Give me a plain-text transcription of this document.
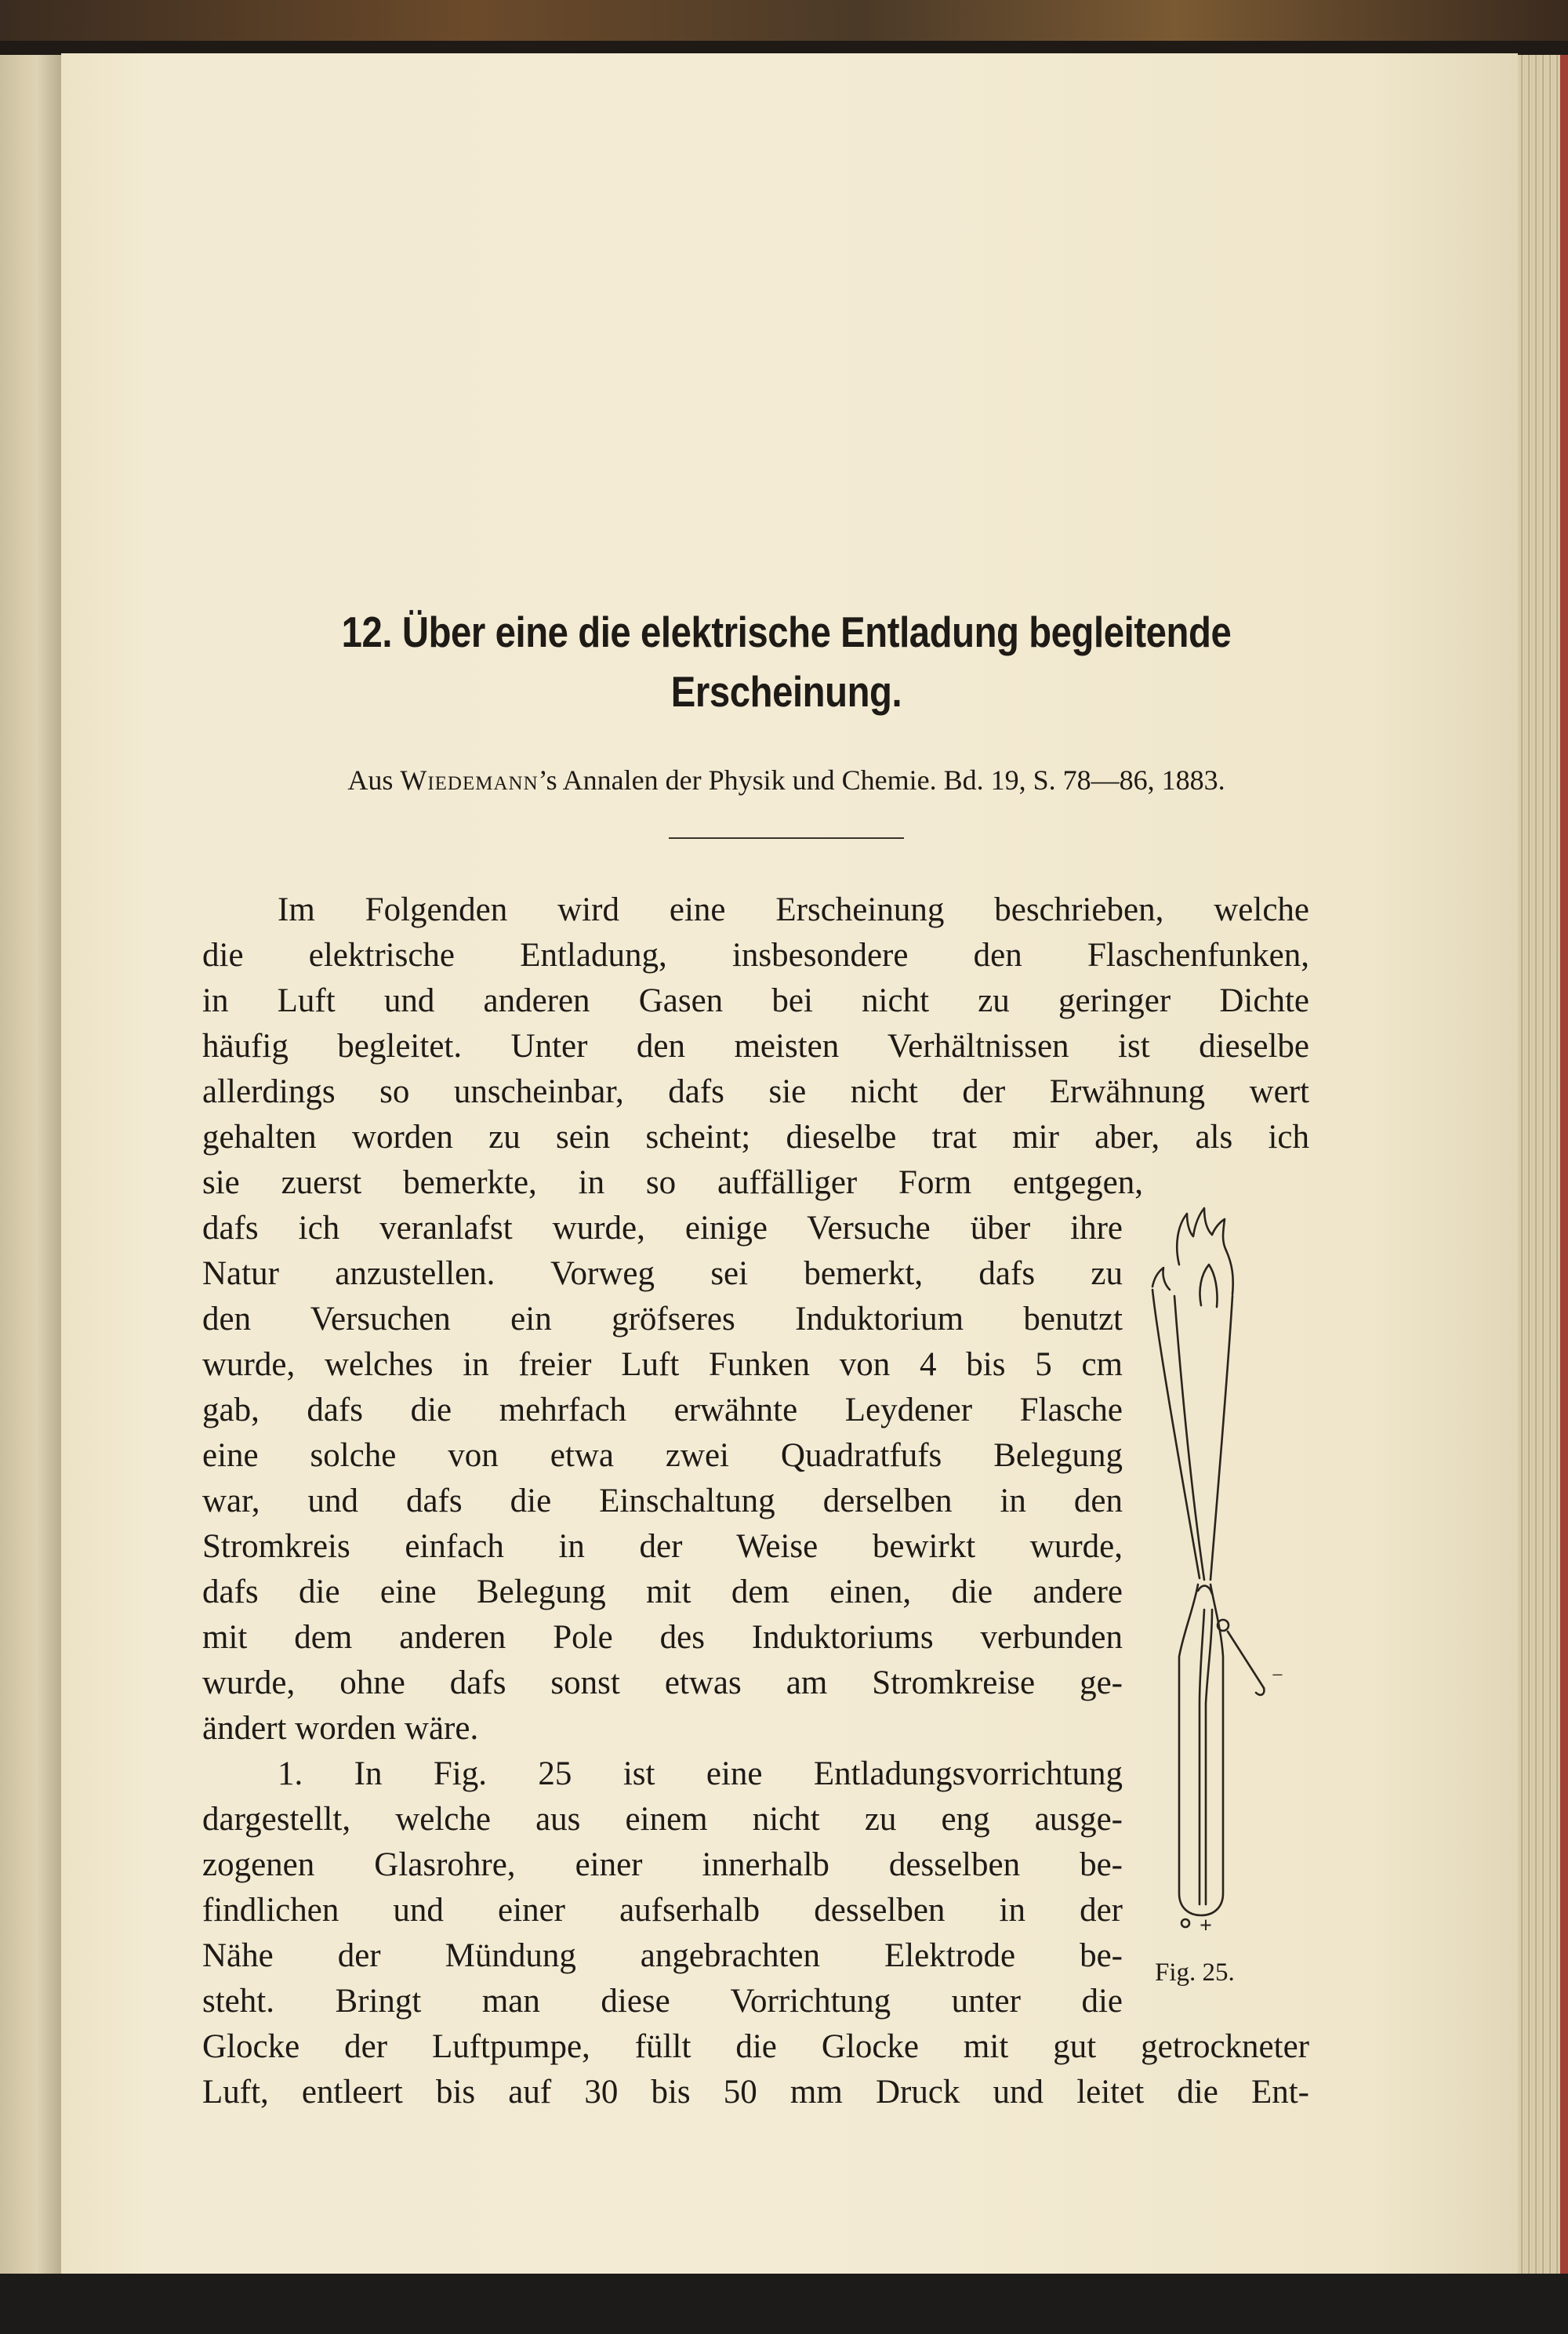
12. Über eine die elektrische Entladung begleitende
Erscheinung.
Aus Wiedemann’s Annalen der Physik und Chemie. Bd. 19, S. 78—86, 1883.
Im Folgenden wird eine Erscheinung beschrieben, welche
die elektrische Entladung, insbesondere den Flaschenfunken,
in Luft und anderen Gasen bei nicht zu geringer Dichte
häufig begleitet. Unter den meisten Verhältnissen ist dieselbe
allerdings so unscheinbar, dafs sie nicht der Erwähnung wert
gehalten worden zu sein scheint; dieselbe trat mir aber, als ich
sie zuerst bemerkte, in so auffälliger Form entgegen,
dafs ich veranlafst wurde, einige Versuche über ihre
Natur anzustellen. Vorweg sei bemerkt, dafs zu
den Versuchen ein gröfseres Induktorium benutzt
wurde, welches in freier Luft Funken von 4 bis 5 cm
gab, dafs die mehrfach erwähnte Leydener Flasche
eine solche von etwa zwei Quadratfufs Belegung
war, und dafs die Einschaltung derselben in den
Stromkreis einfach in der Weise bewirkt wurde,
dafs die eine Belegung mit dem einen, die andere
mit dem anderen Pole des Induktoriums verbunden
wurde, ohne dafs sonst etwas am Stromkreise ge-
ändert worden wäre.
1. In Fig. 25 ist eine Entladungsvorrichtung
dargestellt, welche aus einem nicht zu eng ausge-
zogenen Glasrohre, einer innerhalb desselben be-
findlichen und einer aufserhalb desselben in der
Nähe der Mündung angebrachten Elektrode be-
steht. Bringt man diese Vorrichtung unter die
Glocke der Luftpumpe, füllt die Glocke mit gut getrockneter
Luft, entleert bis auf 30 bis 50 mm Druck und leitet die Ent-
−
+
Fig. 25.
